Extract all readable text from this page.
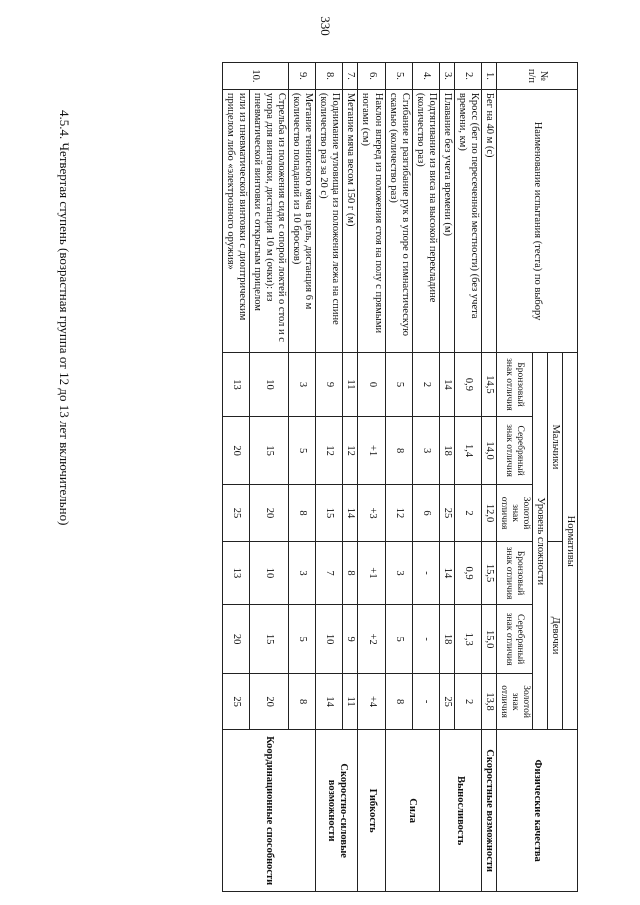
330
4.5.4. Четвертая ступень (возрастная группа от 12 до 13 лет включительно)
№ п/п	Наименование испытания (теста) по выбору	Нормативы						Физические качества
		Мальчики			Девочки			
		Уровень сложности						
		Бронзовый знак отличия	Серебряный знак отличия	Золотой знак отличия	Бронзовый знак отличия	Серебряный знак отличия	Золотой знак отличия	
1.	Бег на 40 м (с)	14,5	14,0	12,0	15,5	15,0	13,8	Скоростные возможности
2.	Кросс (бег по пересеченной местности) (без учета времени, км)	0,9	1,4	2	0,9	1,3	2	Выносливость
3.	Плавание без учета времени (м)	14	18	25	14	18	25	
4.	Подтягивание из виса на высокой перекладине (количество раз)	2	3	6	-	-	-	Сила
5.	Сгибание и разгибание рук в упоре о гимнастическую скамью (количество раз)	5	8	12	3	5	8	
6.	Наклон вперед из положения стоя на полу с прямыми ногами (см)	0	+1	+3	+1	+2	+4	Гибкость
7.	Метание мяча весом 150 г (м)	11	12	14	8	9	11	Скоростно-силовые возможности
8.	Поднимание туловища из положения лежа на спине (количество раз за 20 с)	9	12	15	7	10	14	
9.	Метание теннисного мяча в цель, дистанция 6 м (количество попаданий из 10 бросков)	3	5	8	3	5	8	Координационные способности
10.	Стрельба из положения сидя с опорой локтей о стол и с упора для винтовки, дистанция 10 м (очки): из пневматической винтовки с открытым прицелом	10	15	20	10	15	20	
	или из пневматической винтовки с диоптрическим прицелом либо «электронного оружия»	13	20	25	13	20	25	
